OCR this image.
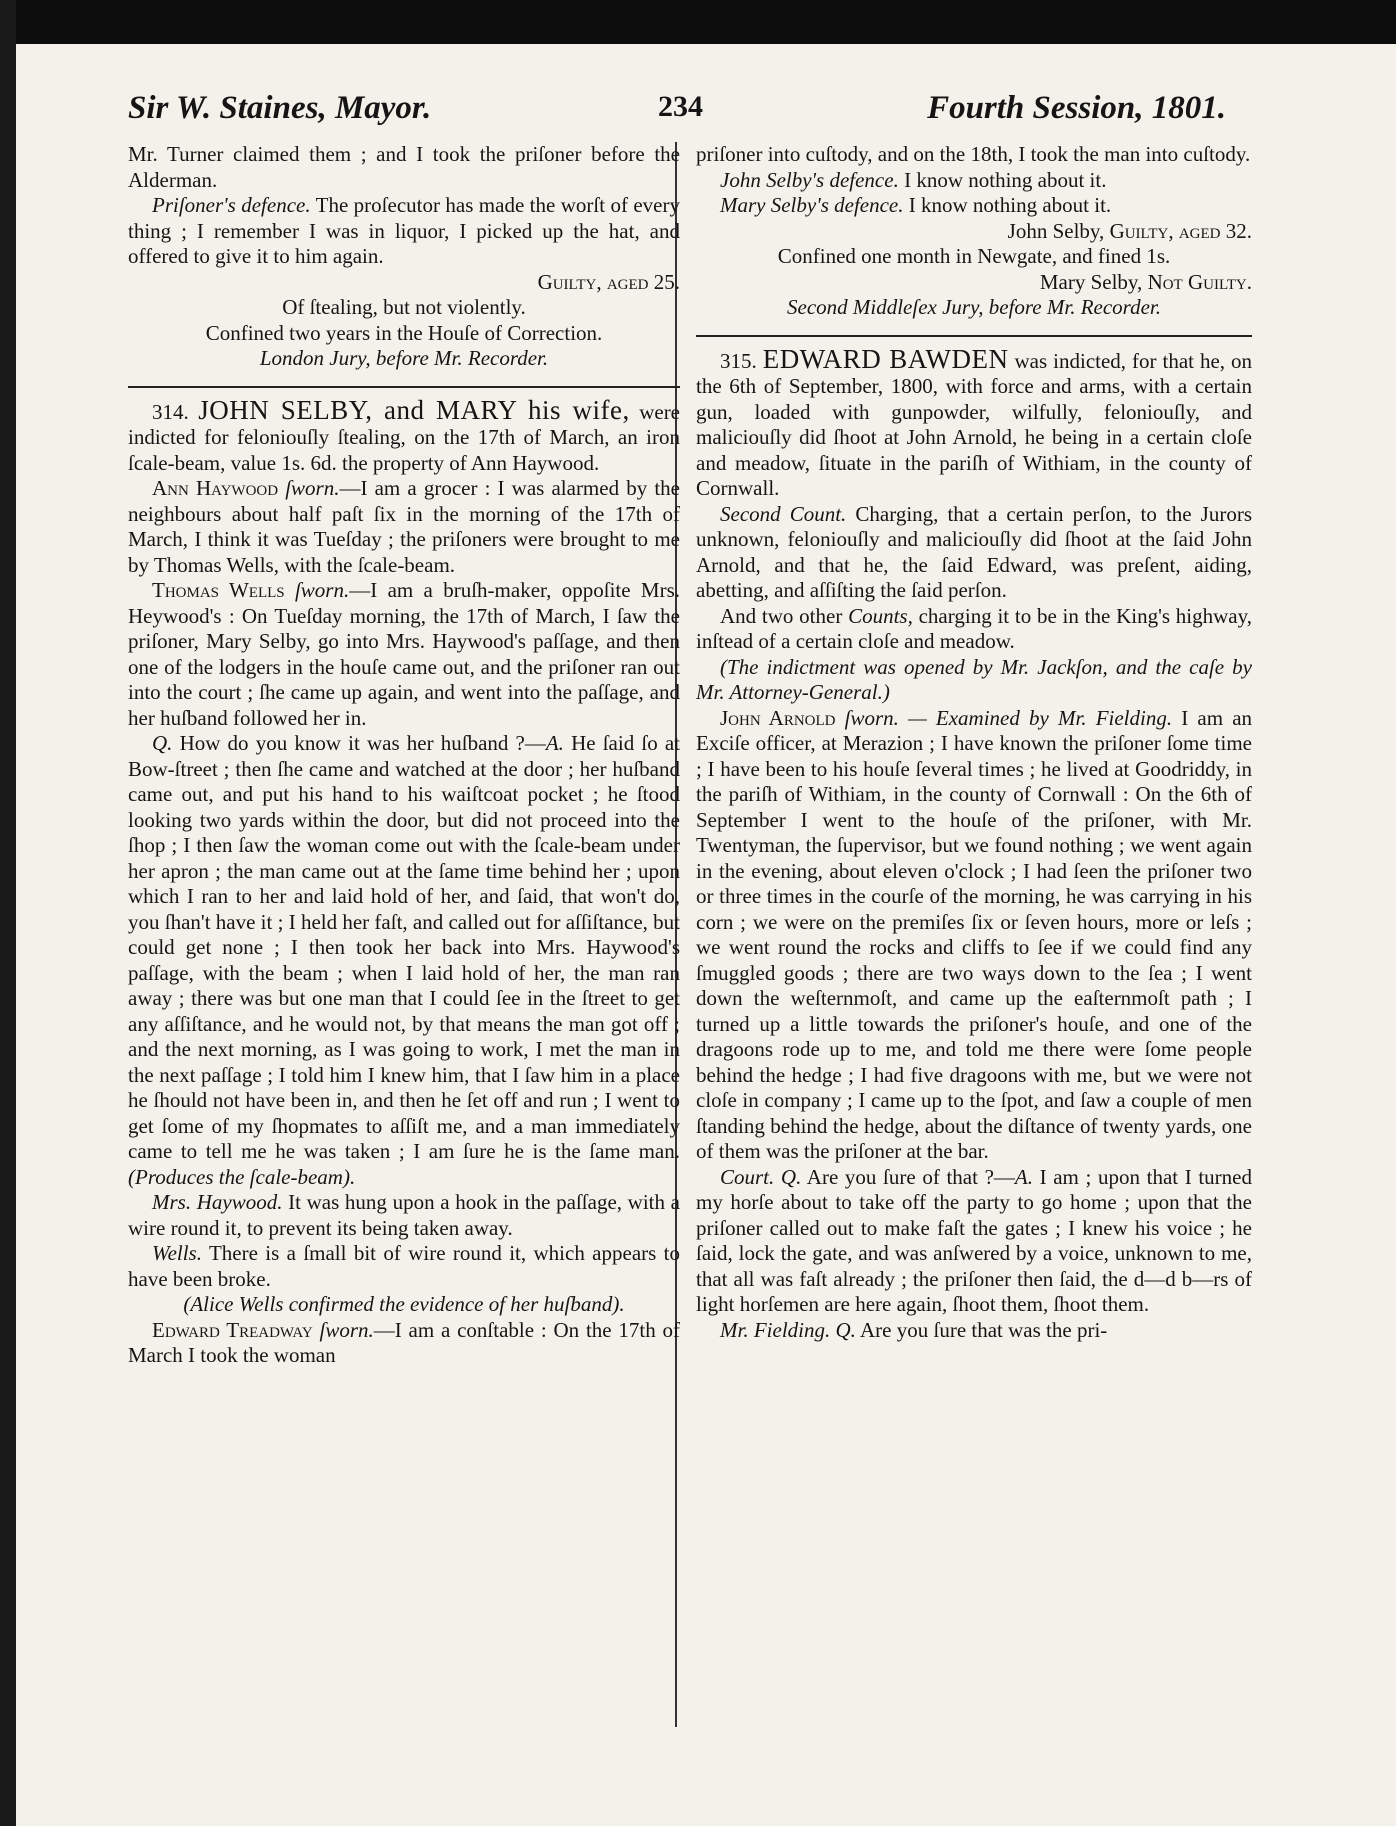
Sir W. Staines, Mayor.	234	Fourth Session, 1801.

Mr. Turner claimed them ; and I took the priſoner before the Alderman.

Priſoner's defence. The proſecutor has made the worſt of every thing ; I remember I was in liquor, I picked up the hat, and offered to give it to him again.

Guilty, aged 25.

Of ſtealing, but not violently.

Confined two years in the Houſe of Correction.

London Jury, before Mr. Recorder.

314. JOHN SELBY, and MARY his wife, were indicted for feloniouſly ſtealing, on the 17th of March, an iron ſcale-beam, value 1s. 6d. the property of Ann Haywood.

Ann Haywood ſworn.—I am a grocer : I was alarmed by the neighbours about half paſt ſix in the morning of the 17th of March, I think it was Tueſday ; the priſoners were brought to me by Thomas Wells, with the ſcale-beam.

Thomas Wells ſworn.—I am a bruſh-maker, oppoſite Mrs. Heywood's : On Tueſday morning, the 17th of March, I ſaw the priſoner, Mary Selby, go into Mrs. Haywood's paſſage, and then one of the lodgers in the houſe came out, and the priſoner ran out into the court ; ſhe came up again, and went into the paſſage, and her huſband followed her in.

Q. How do you know it was her huſband ?—A. He ſaid ſo at Bow-ſtreet ; then ſhe came and watched at the door ; her huſband came out, and put his hand to his waiſtcoat pocket ; he ſtood looking two yards within the door, but did not proceed into the ſhop ; I then ſaw the woman come out with the ſcale-beam under her apron ; the man came out at the ſame time behind her ; upon which I ran to her and laid hold of her, and ſaid, that won't do, you ſhan't have it ; I held her faſt, and called out for aſſiſtance, but could get none ; I then took her back into Mrs. Haywood's paſſage, with the beam ; when I laid hold of her, the man ran away ; there was but one man that I could ſee in the ſtreet to get any aſſiſtance, and he would not, by that means the man got off ; and the next morning, as I was going to work, I met the man in the next paſſage ; I told him I knew him, that I ſaw him in a place he ſhould not have been in, and then he ſet off and run ; I went to get ſome of my ſhopmates to aſſiſt me, and a man immediately came to tell me he was taken ; I am ſure he is the ſame man. (Produces the ſcale-beam).

Mrs. Haywood. It was hung upon a hook in the paſſage, with a wire round it, to prevent its being taken away.

Wells. There is a ſmall bit of wire round it, which appears to have been broke.

(Alice Wells confirmed the evidence of her huſband).

Edward Treadway ſworn.—I am a conſtable : On the 17th of March I took the woman

priſoner into cuſtody, and on the 18th, I took the man into cuſtody.

John Selby's defence. I know nothing about it.

Mary Selby's defence. I know nothing about it.

John Selby, Guilty, aged 32.

Confined one month in Newgate, and fined 1s.

Mary Selby, Not Guilty.

Second Middleſex Jury, before Mr. Recorder.

315. EDWARD BAWDEN was indicted, for that he, on the 6th of September, 1800, with force and arms, with a certain gun, loaded with gunpowder, wilfully, feloniouſly, and maliciouſly did ſhoot at John Arnold, he being in a certain cloſe and meadow, ſituate in the pariſh of Withiam, in the county of Cornwall.

Second Count. Charging, that a certain perſon, to the Jurors unknown, feloniouſly and maliciouſly did ſhoot at the ſaid John Arnold, and that he, the ſaid Edward, was preſent, aiding, abetting, and aſſiſting the ſaid perſon.

And two other Counts, charging it to be in the King's highway, inſtead of a certain cloſe and meadow.

(The indictment was opened by Mr. Jackſon, and the caſe by Mr. Attorney-General.)

John Arnold ſworn. — Examined by Mr. Fielding. I am an Exciſe officer, at Merazion ; I have known the priſoner ſome time ; I have been to his houſe ſeveral times ; he lived at Goodriddy, in the pariſh of Withiam, in the county of Cornwall : On the 6th of September I went to the houſe of the priſoner, with Mr. Twentyman, the ſupervisor, but we found nothing ; we went again in the evening, about eleven o'clock ; I had ſeen the priſoner two or three times in the courſe of the morning, he was carrying in his corn ; we were on the premiſes ſix or ſeven hours, more or leſs ; we went round the rocks and cliffs to ſee if we could find any ſmuggled goods ; there are two ways down to the ſea ; I went down the weſternmoſt, and came up the eaſternmoſt path ; I turned up a little towards the priſoner's houſe, and one of the dragoons rode up to me, and told me there were ſome people behind the hedge ; I had five dragoons with me, but we were not cloſe in company ; I came up to the ſpot, and ſaw a couple of men ſtanding behind the hedge, about the diſtance of twenty yards, one of them was the priſoner at the bar.

Court. Q. Are you ſure of that ?—A. I am ; upon that I turned my horſe about to take off the party to go home ; upon that the priſoner called out to make faſt the gates ; I knew his voice ; he ſaid, lock the gate, and was anſwered by a voice, unknown to me, that all was faſt already ; the priſoner then ſaid, the d—d b—rs of light horſemen are here again, ſhoot them, ſhoot them.

Mr. Fielding. Q. Are you ſure that was the pri-
